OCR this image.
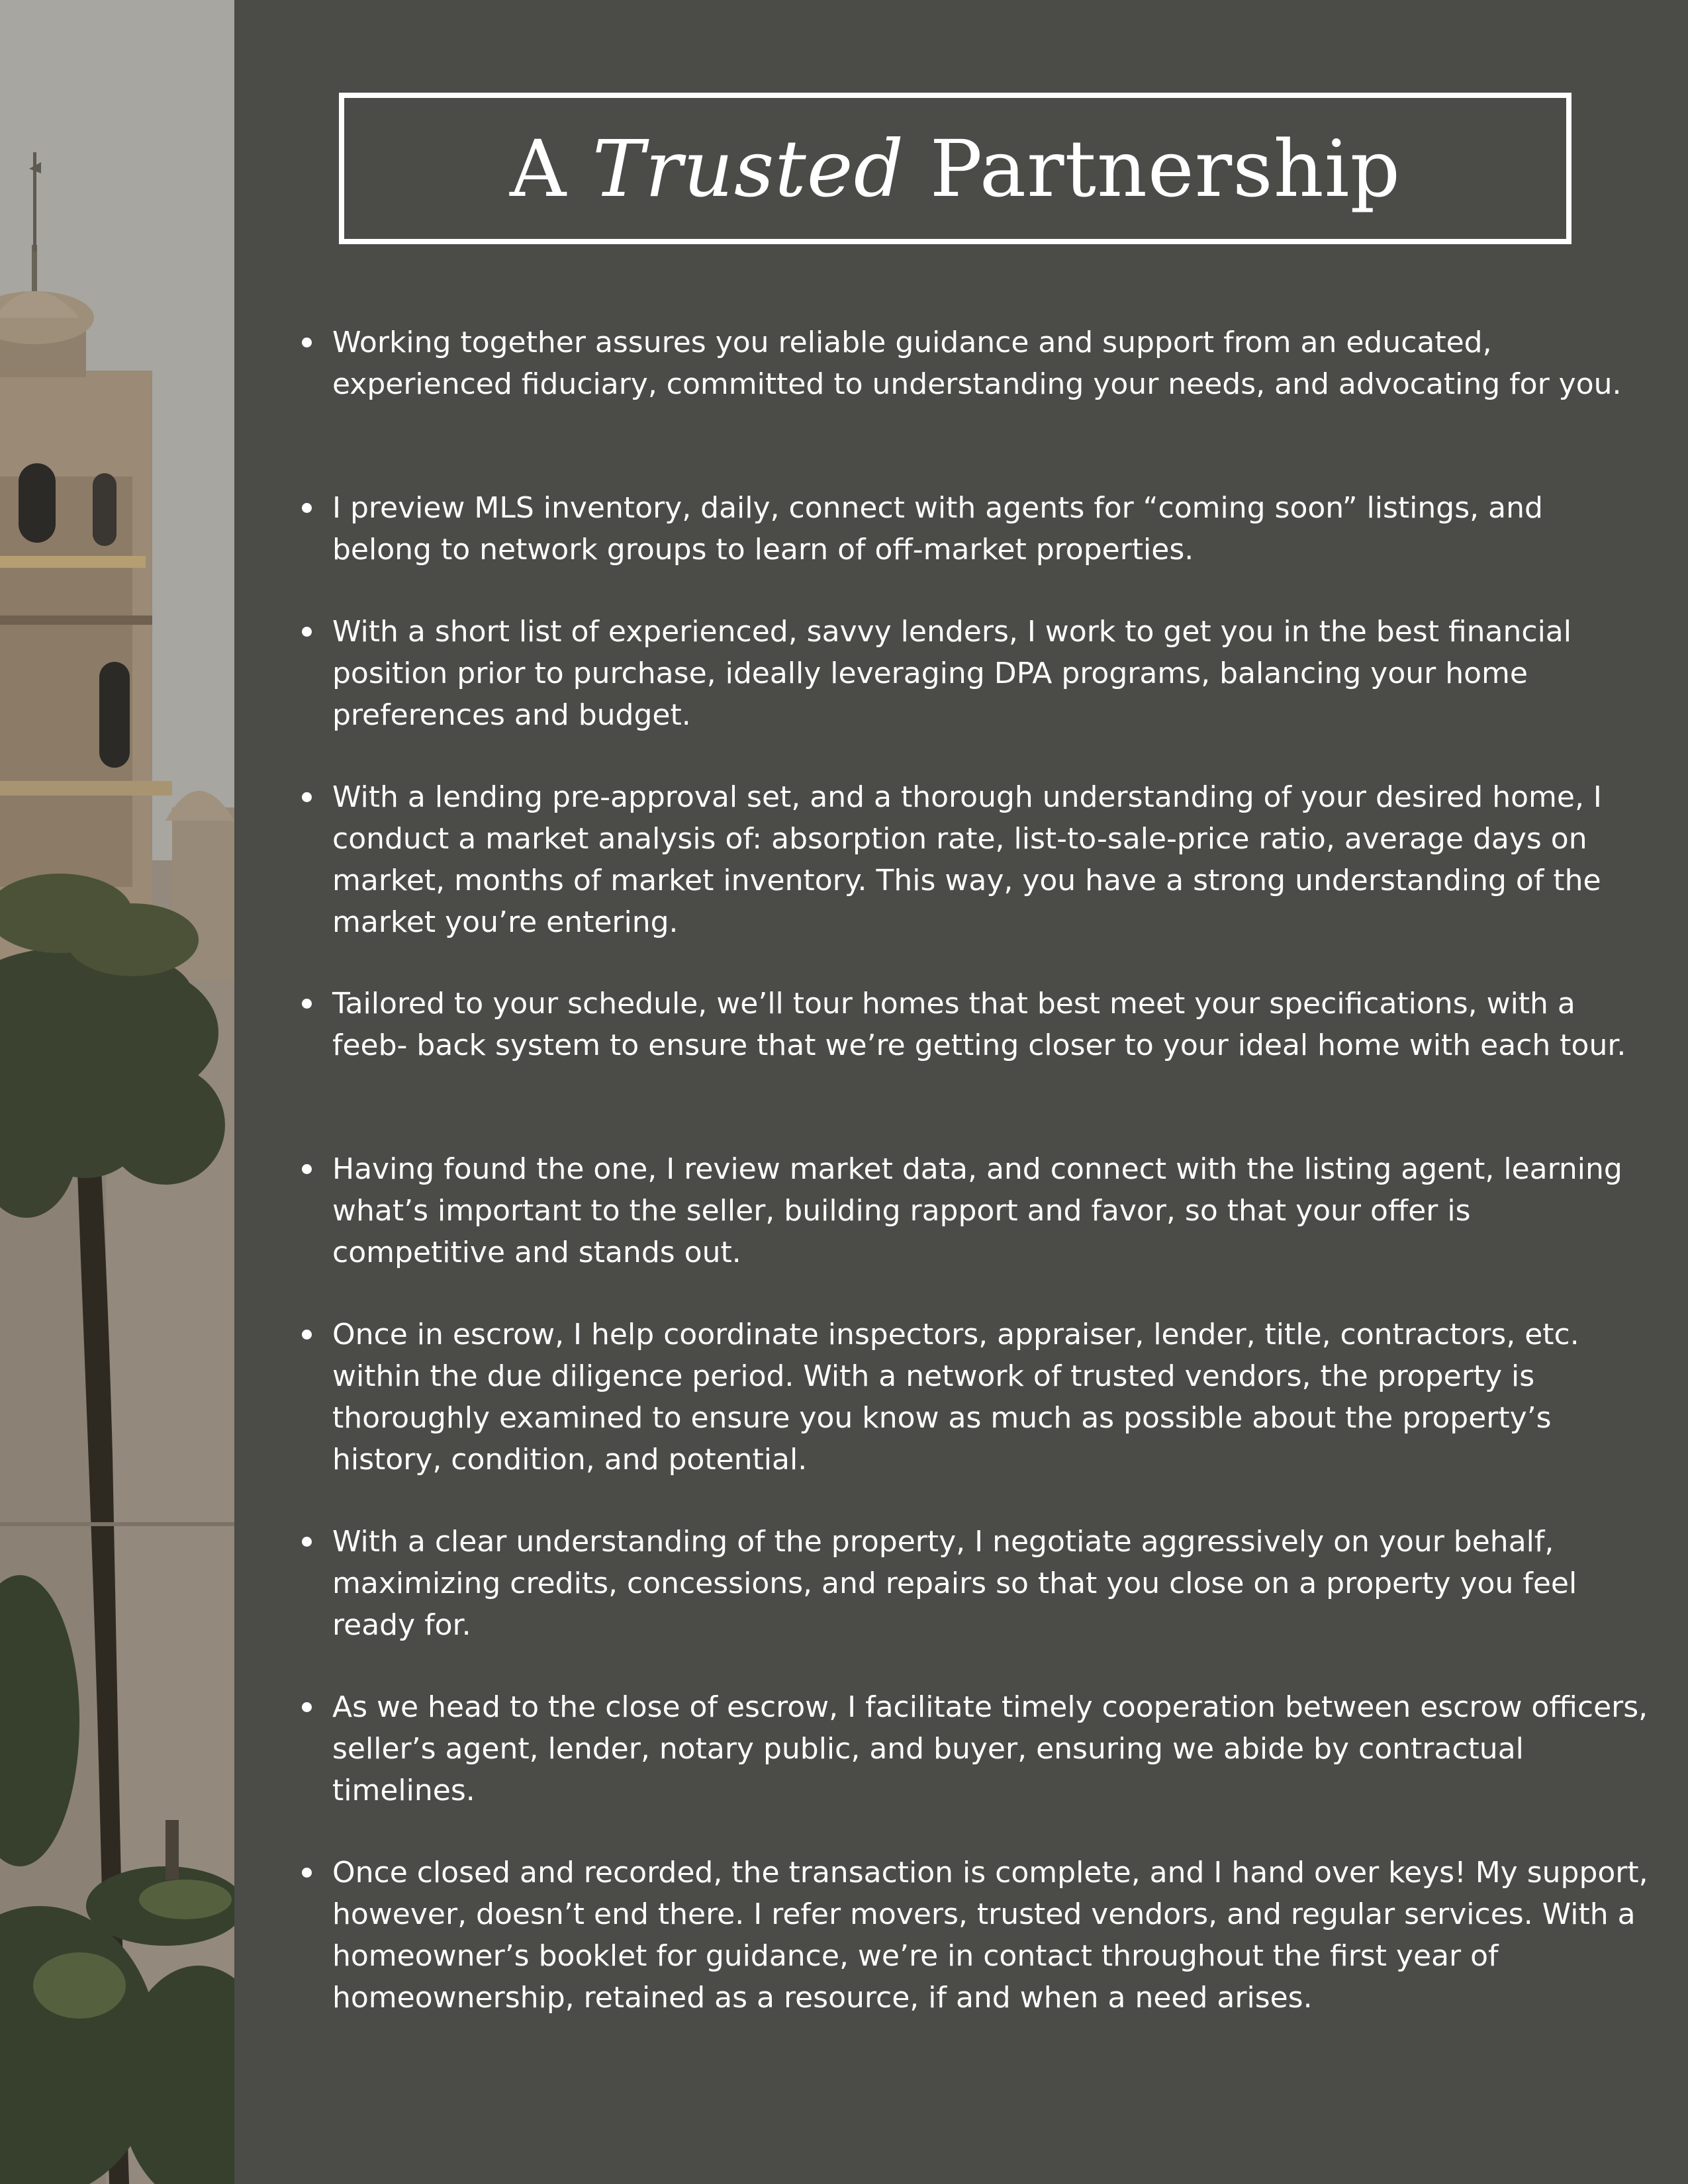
A Trusted Partnership
Working together assures you reliable guidance and support from an educated, experienced fiduciary, committed to understanding your needs, and advocating for you.
I preview MLS inventory, daily, connect with agents for “coming soon” listings, and belong to network groups to learn of off-market properties.
With a short list of experienced, savvy lenders, I work to get you in the best financial position prior to purchase, ideally leveraging DPA programs, balancing your home preferences and budget.
With a lending pre-approval set, and a thorough understanding of your desired home, I conduct a market analysis of: absorption rate, list-to-sale-price ratio, average days on market, months of market inventory. This way, you have a strong understanding of the market you’re entering.
Tailored to your schedule, we’ll tour homes that best meet your specifications, with a feeb- back system to ensure that we’re getting closer to your ideal home with each tour.
Having found the one, I review market data, and connect with the listing agent, learning what’s important to the seller, building rapport and favor, so that your offer is competitive and stands out.
Once in escrow, I help coordinate inspectors, appraiser, lender, title, contractors, etc. within the due diligence period. With a network of trusted vendors, the property is thoroughly examined to ensure you know as much as possible about the property’s history, condition, and potential.
With a clear understanding of the property, I negotiate aggressively on your behalf, maximizing credits, concessions, and repairs so that you close on a property you feel ready for.
As we head to the close of escrow, I facilitate timely cooperation between escrow officers, seller’s agent, lender, notary public, and buyer, ensuring we abide by contractual timelines.
Once closed and recorded, the transaction is complete, and I hand over keys! My support, however, doesn’t end there. I refer movers, trusted vendors, and regular services. With a homeowner’s booklet for guidance, we’re in contact throughout the first year of homeownership, retained as a resource, if and when a need arises.
